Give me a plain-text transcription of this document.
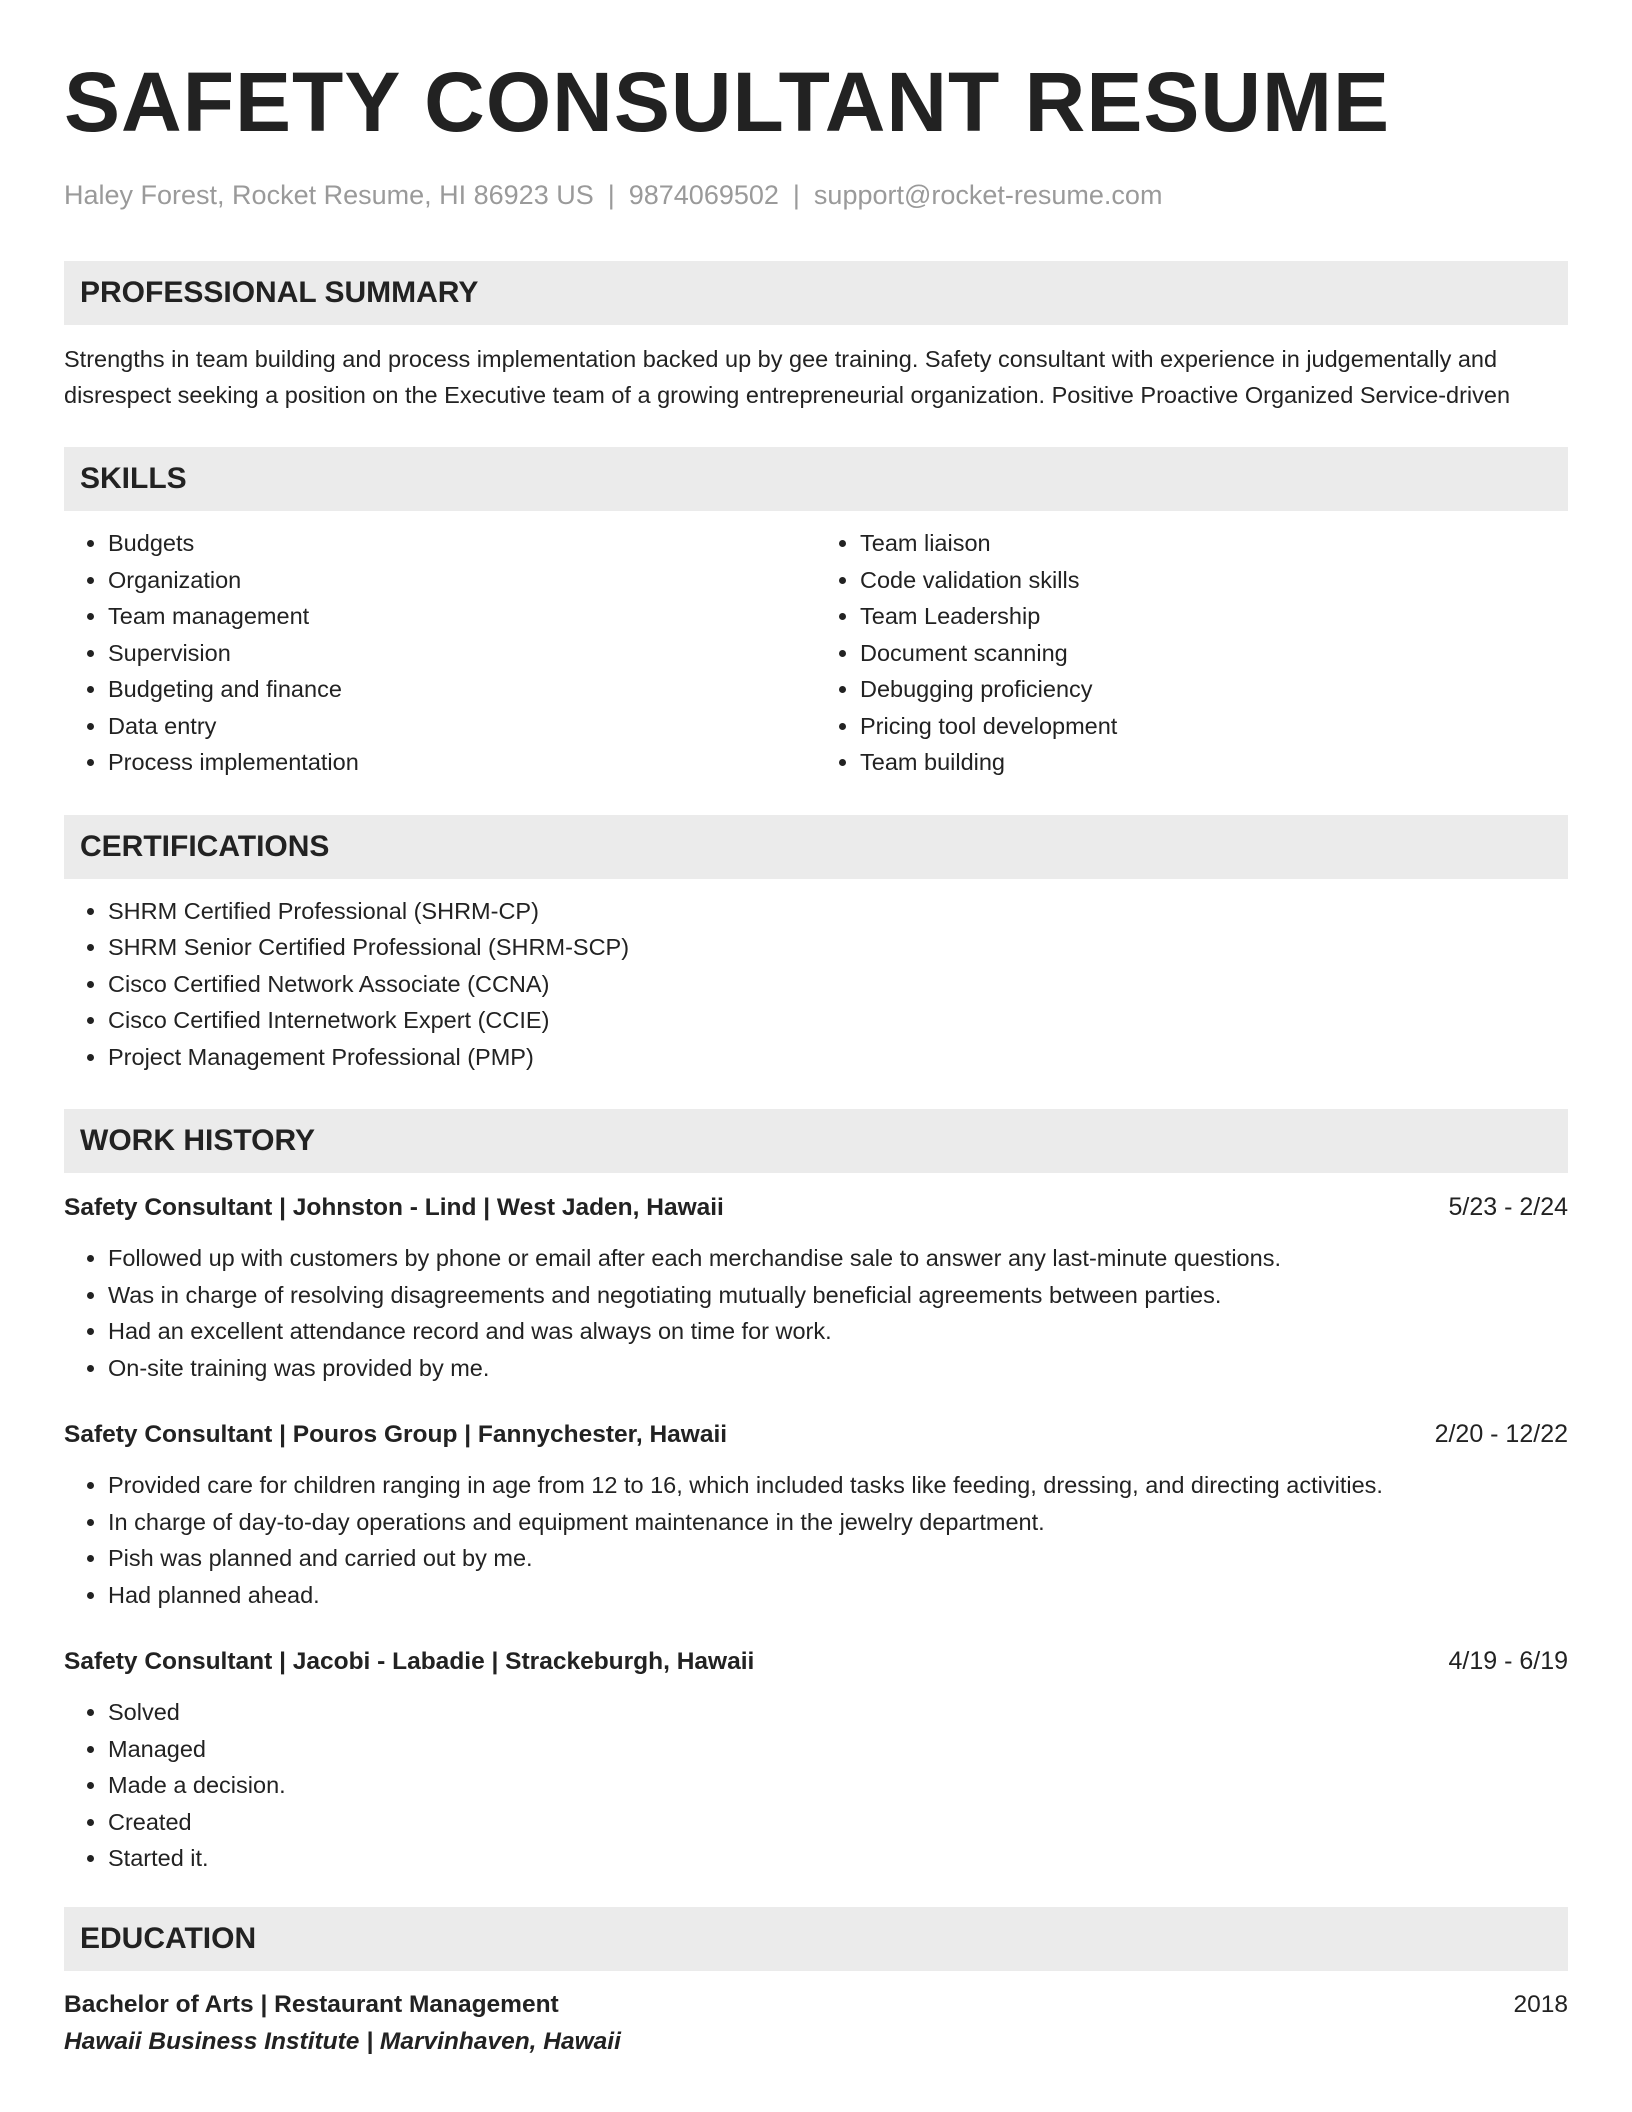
SAFETY CONSULTANT RESUME
Haley Forest, Rocket Resume, HI 86923 US | 9874069502 | support@rocket-resume.com
PROFESSIONAL SUMMARY
Strengths in team building and process implementation backed up by gee training. Safety consultant with experience in judgementally and disrespect seeking a position on the Executive team of a growing entrepreneurial organization. Positive Proactive Organized Service-driven
SKILLS
• Budgets
• Organization
• Team management
• Supervision
• Budgeting and finance
• Data entry
• Process implementation
• Team liaison
• Code validation skills
• Team Leadership
• Document scanning
• Debugging proficiency
• Pricing tool development
• Team building
CERTIFICATIONS
• SHRM Certified Professional (SHRM-CP)
• SHRM Senior Certified Professional (SHRM-SCP)
• Cisco Certified Network Associate (CCNA)
• Cisco Certified Internetwork Expert (CCIE)
• Project Management Professional (PMP)
WORK HISTORY
Safety Consultant | Johnston - Lind | West Jaden, Hawaii	5/23 - 2/24
• Followed up with customers by phone or email after each merchandise sale to answer any last-minute questions.
• Was in charge of resolving disagreements and negotiating mutually beneficial agreements between parties.
• Had an excellent attendance record and was always on time for work.
• On-site training was provided by me.
Safety Consultant | Pouros Group | Fannychester, Hawaii	2/20 - 12/22
• Provided care for children ranging in age from 12 to 16, which included tasks like feeding, dressing, and directing activities.
• In charge of day-to-day operations and equipment maintenance in the jewelry department.
• Pish was planned and carried out by me.
• Had planned ahead.
Safety Consultant | Jacobi - Labadie | Strackeburgh, Hawaii	4/19 - 6/19
• Solved
• Managed
• Made a decision.
• Created
• Started it.
EDUCATION
Bachelor of Arts | Restaurant Management	2018
Hawaii Business Institute | Marvinhaven, Hawaii
